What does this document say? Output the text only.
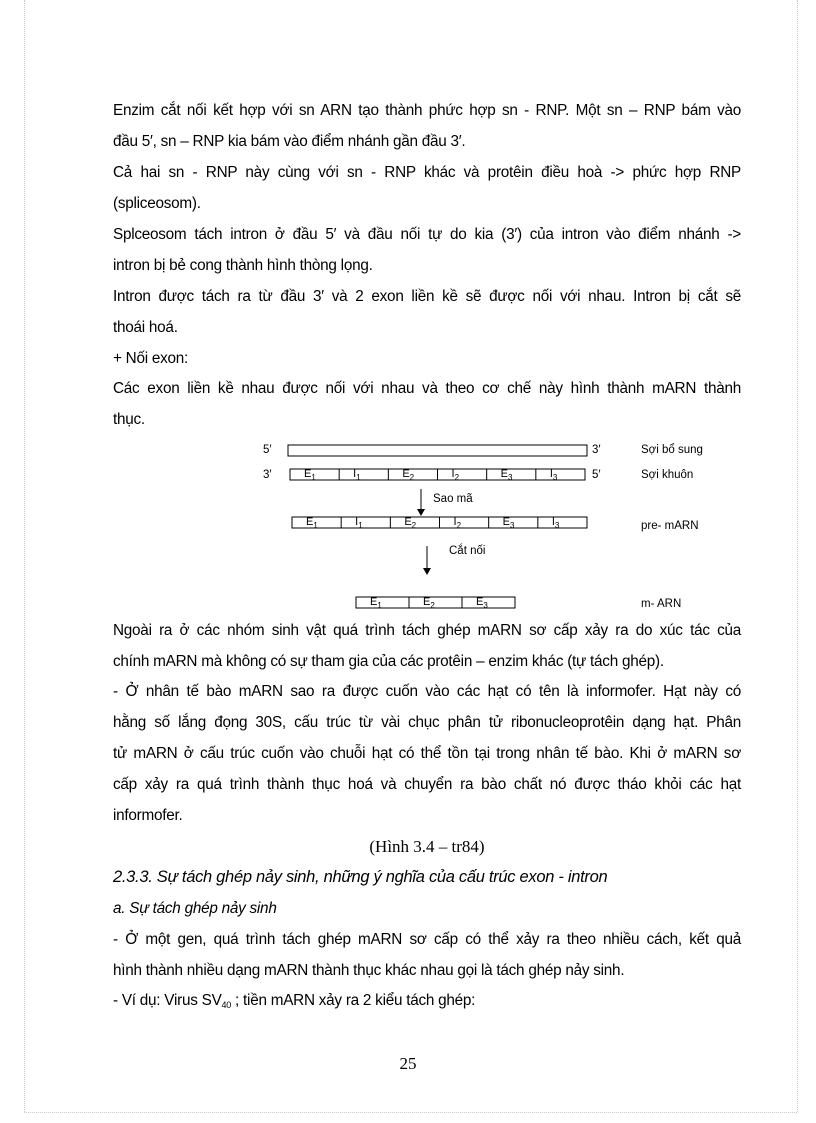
Enzim cắt nối kết hợp với sn ARN tạo thành phức hợp sn - RNP. Một sn – RNP bám vào
đầu 5′, sn – RNP kia bám vào điểm nhánh gần đầu 3′.
Cả hai sn - RNP này cùng với sn - RNP khác và protêin điều hoà -> phức hợp RNP
(spliceosom).
Splceosom tách intron ở đầu 5′ và đầu nối tự do kia (3′) của intron vào điểm nhánh ->
intron bị bẻ cong thành hình thòng lọng.
Intron được tách ra từ đầu 3′ và 2 exon liền kề sẽ được nối với nhau. Intron bị cắt sẽ
thoái hoá.
+ Nối exon:
Các exon liền kề nhau được nối với nhau và theo cơ chế này hình thành mARN thành
thục.
5′	3′	Sợi bổ sung
3′	$E_1$	$I_1$	$E_2$	$I_2$	$E_3$	$I_3$	5′	Sợi khuôn
Sao mã
$E_1$	$I_1$	$E_2$	$I_2$	$E_3$	$I_3$	pre- mARN
Cắt nối
$E_1$	$E_2$	$E_3$	m- ARN
Ngoài ra ở các nhóm sinh vật quá trình tách ghép mARN sơ cấp xảy ra do xúc tác của
chính mARN mà không có sự tham gia của các protêin – enzim khác (tự tách ghép).
- Ở nhân tế bào mARN sao ra được cuốn vào các hạt có tên là informofer. Hạt này có
hằng số lắng đọng 30S, cấu trúc từ vài chục phân tử ribonucleoprotêin dạng hạt. Phân
tử mARN ở cấu trúc cuốn vào chuỗi hạt có thể tồn tại trong nhân tế bào. Khi ở mARN sơ
cấp xảy ra quá trình thành thục hoá và chuyển ra bào chất nó được tháo khỏi các hạt
informofer.
(Hình 3.4 – tr84)
2.3.3. Sự tách ghép nảy sinh, những ý nghĩa của cấu trúc exon - intron
a. Sự tách ghép nảy sinh
- Ở một gen, quá trình tách ghép mARN sơ cấp có thể xảy ra theo nhiều cách, kết quả
hình thành nhiều dạng mARN thành thục khác nhau gọi là tách ghép nảy sinh.
- Ví dụ: Virus $SV_{40}$ ; tiền mARN xảy ra 2 kiểu tách ghép:
25
